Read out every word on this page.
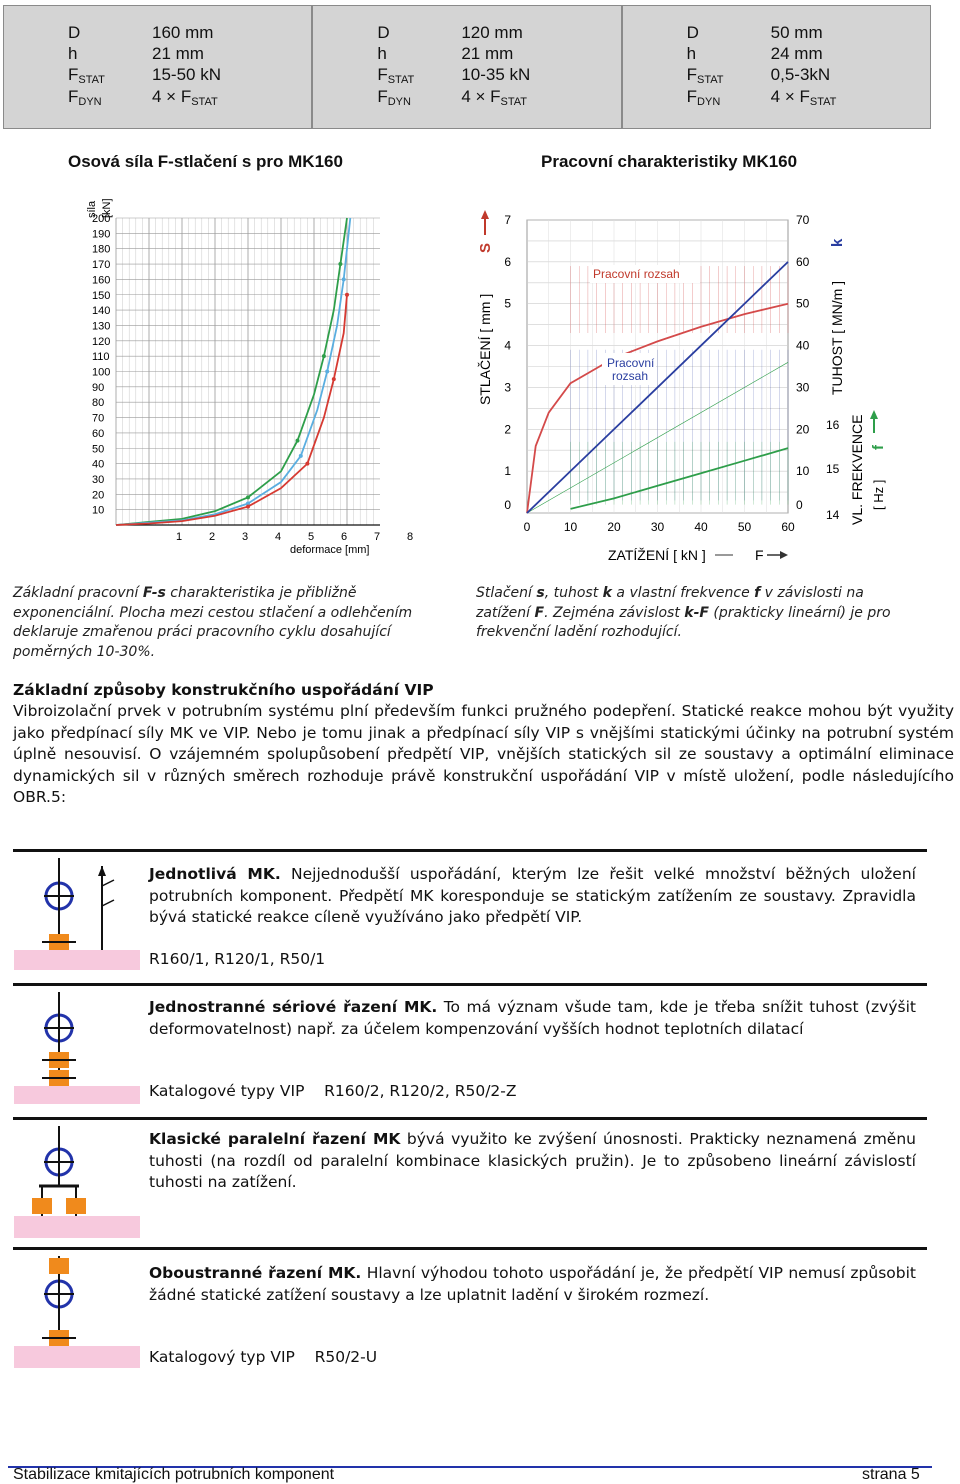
D	160 mm
h	21 mm
$F_{STAT}$	15-50 kN
$F_{DYN}$	$4 \times F_{STAT}$
D	120 mm
h	21 mm
$F_{STAT}$	10-35 kN
$F_{DYN}$	$4 \times F_{STAT}$
D	50 mm
h	24 mm
$F_{STAT}$	0,5-3kN
$F_{DYN}$	$4 \times F_{STAT}$
Osová síla F-stlačení s pro MK160	Pracovní charakteristiky MK160
10
20
30
40
50
60
70
80
90
100
110
120
130
140
150
160
170
180
190
200
1 2 3 4 5 6 7 8
síla [kN]
deformace [mm]
0
1
2
3
4
5
6
7
0
10
20
30
40
50
60
70
14
15
16
0	10	20	30	40	50	60
Pracovní rozsah
Pracovní
rozsah
STLAČENÍ [ mm ]
S
TUHOST [ MN/m ]
k
VL. FREKVENCE [ Hz ]
f
ZATÍŽENÍ [ kN ]	F
Základní pracovní F-s charakteristika je přibližně exponenciální. Plocha mezi cestou stlačení a odlehčením deklaruje zmařenou práci pracovního cyklu dosahující poměrných 10-30%.
Stlačení s, tuhost k a vlastní frekvence f v závislosti na zatížení F. Zejména závislost k-F (prakticky lineární) je pro frekvenční ladění rozhodující.
Základní způsoby konstrukčního uspořádání VIP
Vibroizolační prvek v potrubním systému plní především funkci pružného podepření. Statické reakce mohou být využity jako předpínací síly MK ve VIP. Nebo je tomu jinak a předpínací síly VIP s vnějšími statickými účinky na potrubní systém úplně nesouvisí. O vzájemném spolupůsobení předpětí VIP, vnějších statických sil ze soustavy a optimální eliminace dynamických sil v různých směrech rozhoduje právě konstrukční uspořádání VIP v místě uložení, podle následujícího OBR.5:
Jednotlivá MK. Nejjednodušší uspořádání, kterým lze řešit velké množství běžných uložení potrubních komponent. Předpětí MK koresponduje se statickým zatížením ze soustavy. Zpravidla bývá statické reakce cíleně využíváno jako předpětí VIP.
R160/1, R120/1, R50/1
Jednostranné sériové řazení MK. To má význam všude tam, kde je třeba snížit tuhost (zvýšit deformovatelnost) např. za účelem kompenzování vyšších hodnot teplotních dilatací
Katalogové typy VIP    R160/2, R120/2, R50/2-Z
Klasické paralelní řazení MK bývá využito ke zvýšení únosnosti. Prakticky neznamená změnu tuhosti (na rozdíl od paralelní kombinace klasických pružin). Je to způsobeno lineární závislostí tuhosti na zatížení.
Oboustranné řazení MK. Hlavní výhodou tohoto uspořádání je, že předpětí VIP nemusí způsobit žádné statické zatížení soustavy a lze uplatnit ladění v širokém rozmezí.
Katalogový typ VIP    R50/2-U
Stabilizace kmitajících potrubních komponent	strana 5
